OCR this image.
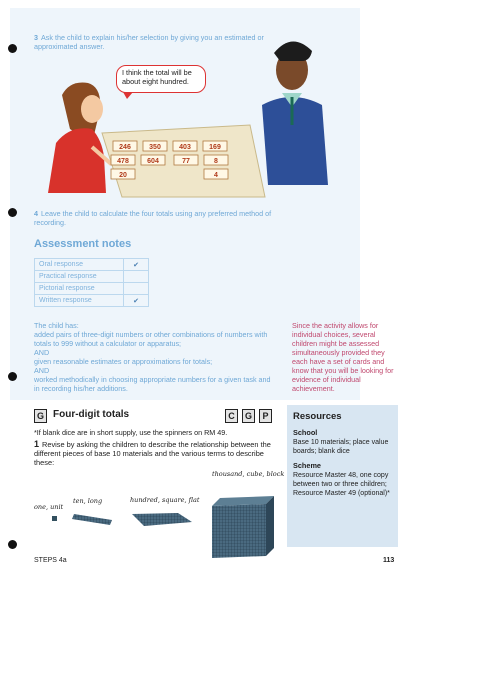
3 Ask the child to explain his/her selection by giving you an estimated or approximated answer.
246	350	403	169
478	604	77	8
20	4
I think the total will be about eight hundred.
4 Leave the child to calculate the four totals using any preferred method of recording.
Assessment notes
Oral response	✔
Practical response	
Pictorial response	
Written response	✔
The child has:
added pairs of three-digit numbers or other combinations of numbers with totals to 999 without a calculator or apparatus;
AND
given reasonable estimates or approximations for totals;
AND
worked methodically in choosing appropriate numbers for a given task and in recording his/her additions.
Since the activity allows for individual choices, several children might be assessed simultaneously provided they each have a set of cards and know that you will be looking for evidence of individual achievement.
G Four-digit totals	C	G	P
*If blank dice are in short supply, use the spinners on RM 49.
1 Revise by asking the children to describe the relationship between the different pieces of base 10 materials and the various terms to describe these:
one, unit
ten, long	hundred, square, flat
thousand, cube, block
Resources
School
Base 10 materials; place value boards; blank dice
Scheme
Resource Master 48, one copy between two or three children; Resource Master 49 (optional)*
STEPS 4a	113
